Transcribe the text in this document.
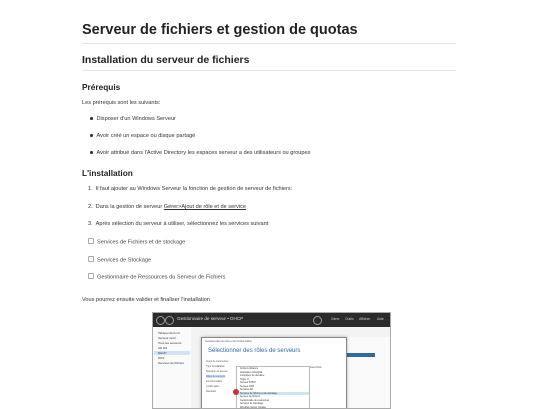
Serveur de fichiers et gestion de quotas
Installation du serveur de fichiers
Prérequis

Les prérequis sont les suivants:

Disposer d'un Windows Serveur
Avoir créé un espace ou disque partagé
Avoir attribué dans l'Active Directory les espaces serveur a des utilisateurs ou groupes
L'installation
1. Il faut ajouter au Windows Serveur la fonction de gestion de serveur de fichiers:
2. Dans la gestion de serveur Gérer>Ajout de rôle et de service
3. Après sélection du serveur à utiliser, sélectionnez les services suivant
Services de Fichiers et de stockage
Services de Stockage
Gestionnaire de Ressources du Serveur de Fichiers

Vous pourrez ensuite valider et finaliser l'installation

Gestionnaire de serveur • DHCP	Gérer Outils Afficher Aide
Tableau de bord
Serveur local
Tous les serveurs
AD DS
DHCP
DNS
Services de fichiers
Assistant Ajout de rôles et de fonctionnalités
Sélectionner des rôles de serveurs
Avant de commencer
Type d'installation
Sélection du serveur
Rôles de serveurs
Fonctionnalités
Confirmation
Résultats
Accès à distance
Attestation d'intégrité
Contrôleur de domaine
Hyper-V
Serveur DHCP
Serveur DNS
Services AD
Services de fichiers et de stockage
Serveur de fichiers
Gestionnaire de ressources
Services de Stockage
Windows Server Update
Description
